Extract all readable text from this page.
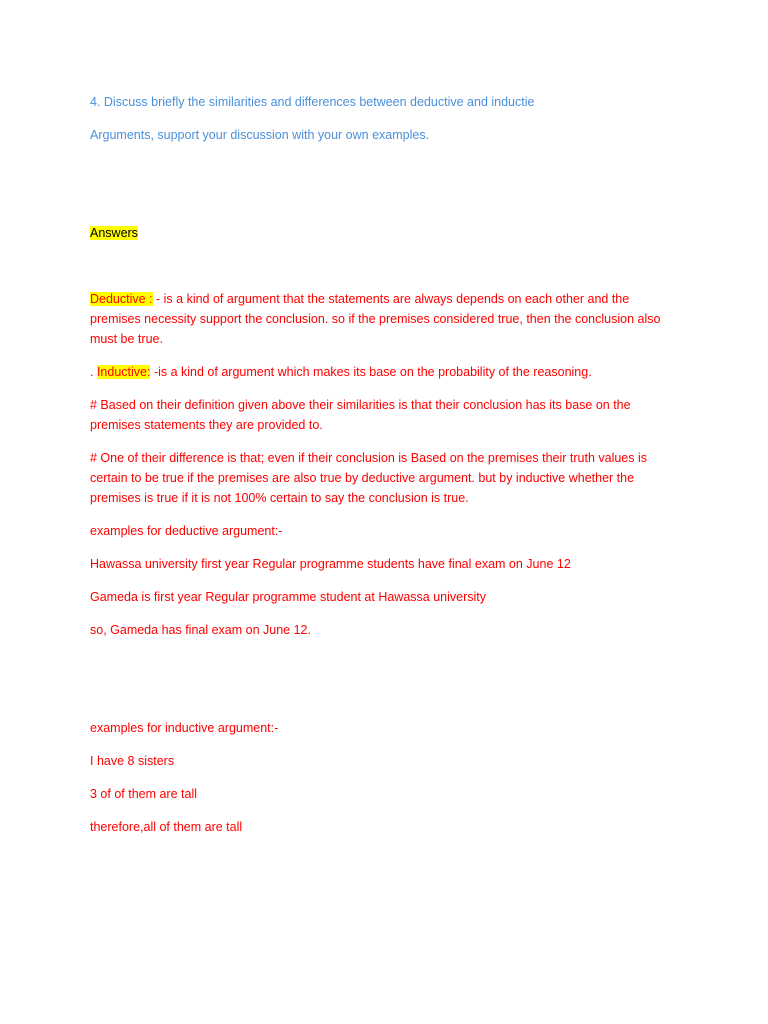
4. Discuss briefly the similarities and differences between deductive and inductie
Arguments, support your discussion with your own examples.
Answers
Deductive : - is a kind of argument that the statements are always depends on each other and the premises necessity support the conclusion. so if the premises considered true, then the conclusion also must be true.
. Inductive: -is a kind of argument which makes its base on the probability of the reasoning.
# Based on their definition given above their similarities is that their conclusion has its base on the premises statements they are provided to.
# One of their difference is that; even if their conclusion is Based on the premises their truth values is certain to be true if the premises are also true by deductive argument. but by inductive whether the premises is true if it is not 100% certain to say the conclusion is true.
examples for deductive argument:-
Hawassa university first year Regular programme students have final exam on June 12
Gameda is first year Regular programme student at Hawassa university
so, Gameda has final exam on June 12.
examples for inductive argument:-
I have 8 sisters
3 of of them are tall
therefore,all of them are tall
